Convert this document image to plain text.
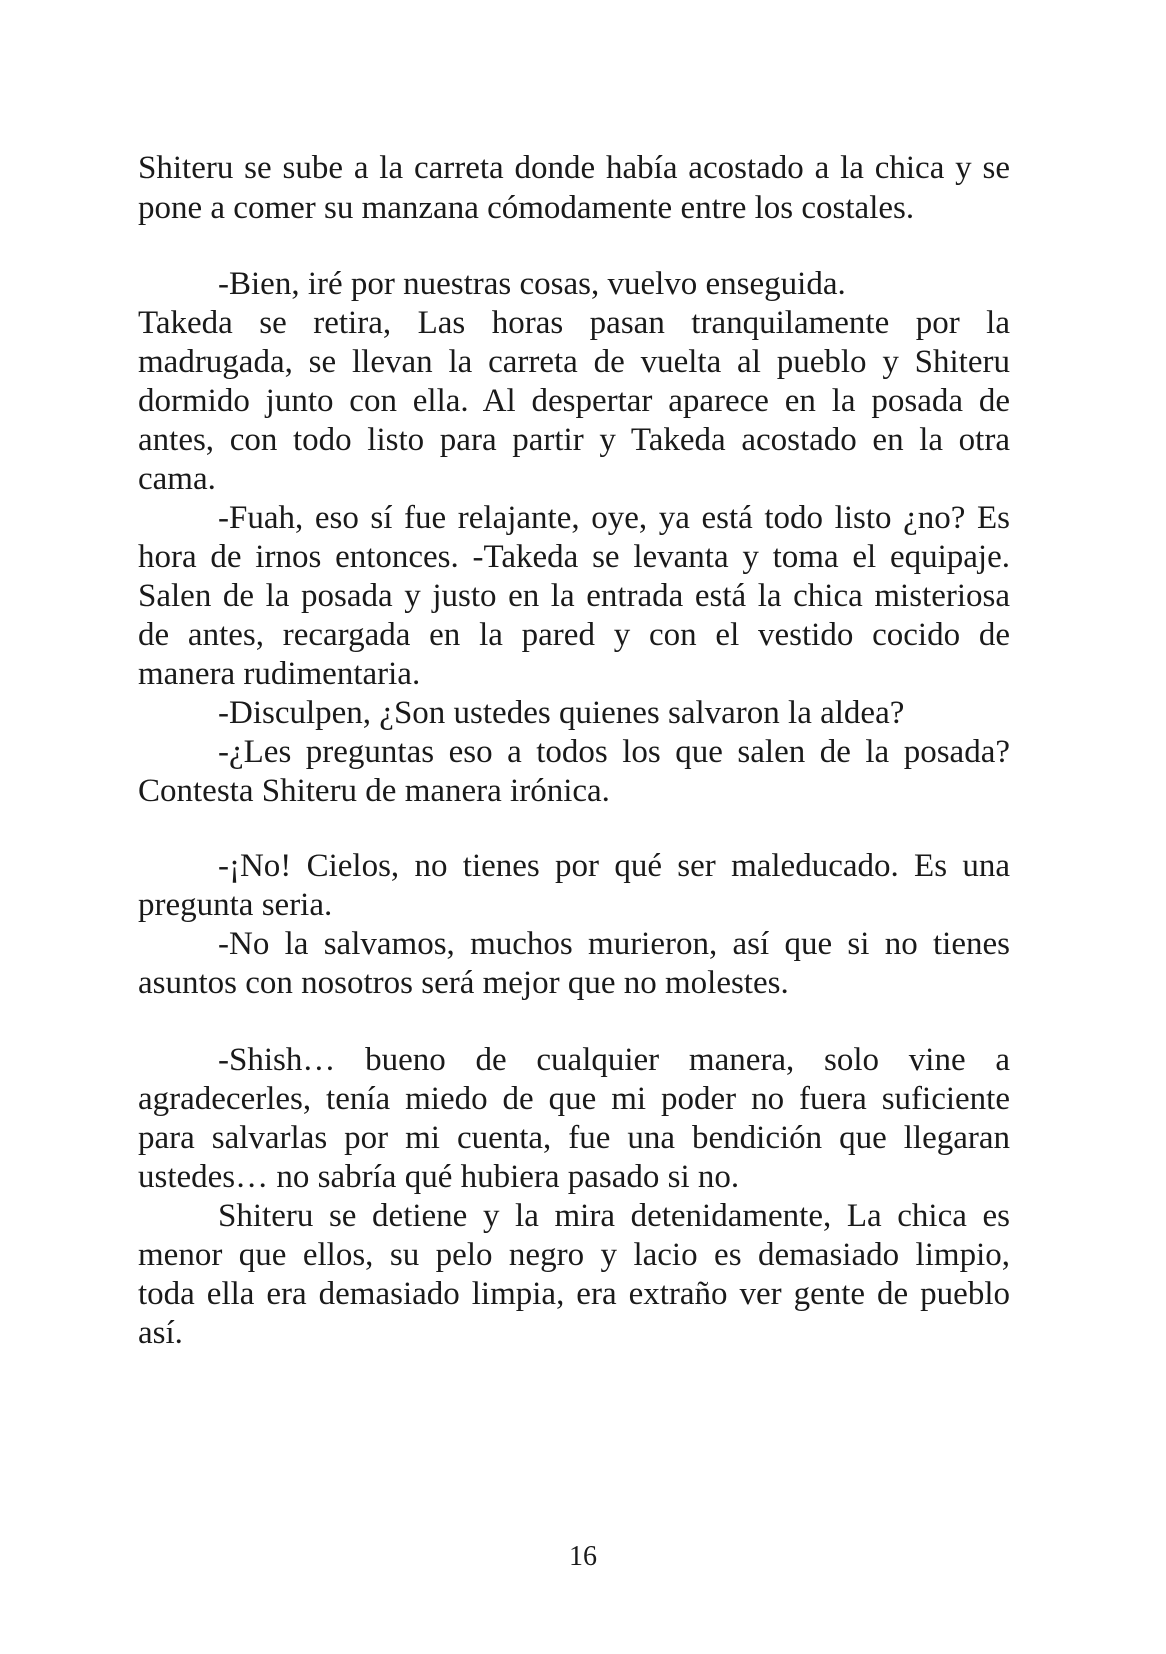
Shiteru se sube a la carreta donde había acostado a la chica y se

pone a comer su manzana cómodamente entre los costales.

-Bien, iré por nuestras cosas, vuelvo enseguida.

Takeda se retira, Las horas pasan tranquilamente por la

madrugada, se llevan la carreta de vuelta al pueblo y Shiteru

dormido junto con ella. Al despertar aparece en la posada de

antes, con todo listo para partir y Takeda acostado en la otra

cama.

-Fuah, eso sí fue relajante, oye, ya está todo listo ¿no? Es

hora de irnos entonces. -Takeda se levanta y toma el equipaje.

Salen de la posada y justo en la entrada está la chica misteriosa

de antes, recargada en la pared y con el vestido cocido de

manera rudimentaria.

-Disculpen, ¿Son ustedes quienes salvaron la aldea?

-¿Les preguntas eso a todos los que salen de la posada?

Contesta Shiteru de manera irónica.

-¡No! Cielos, no tienes por qué ser maleducado. Es una

pregunta seria.

-No la salvamos, muchos murieron, así que si no tienes

asuntos con nosotros será mejor que no molestes.

-Shish… bueno de cualquier manera, solo vine a

agradecerles, tenía miedo de que mi poder no fuera suficiente

para salvarlas por mi cuenta, fue una bendición que llegaran

ustedes… no sabría qué hubiera pasado si no.

Shiteru se detiene y la mira detenidamente, La chica es

menor que ellos, su pelo negro y lacio es demasiado limpio,

toda ella era demasiado limpia, era extraño ver gente de pueblo

así.

16
